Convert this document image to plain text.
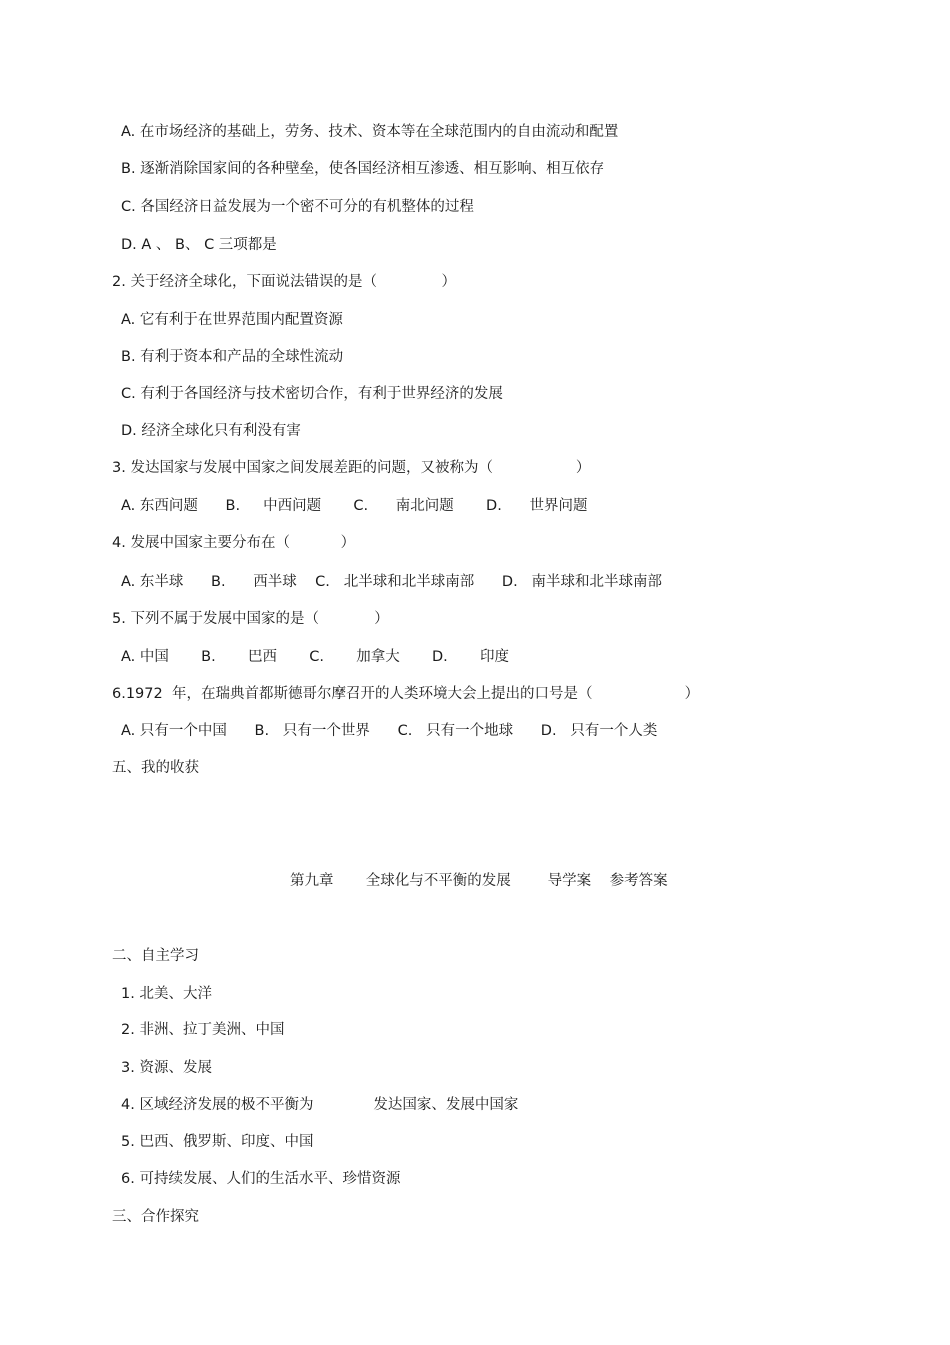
A. 在市场经济的基础上，劳务、技术、资本等在全球范围内的自由流动和配置
B. 逐渐消除国家间的各种壁垒，使各国经济相互渗透、相互影响、相互依存
C. 各国经济日益发展为一个密不可分的有机整体的过程
D. A 、 B、 C 三项都是
2. 关于经济全球化，下面说法错误的是（              ）
A. 它有利于在世界范围内配置资源
B. 有利于资本和产品的全球性流动
C. 有利于各国经济与技术密切合作，有利于世界经济的发展
D. 经济全球化只有利没有害
3. 发达国家与发展中国家之间发展差距的问题，又被称为（                  ）
A. 东西问题      B.     中西问题       C.      南北问题       D.      世界问题
4. 发展中国家主要分布在（           ）
A. 东半球      B.      西半球    C.   北半球和北半球南部      D.   南半球和北半球南部
5. 下列不属于发展中国家的是（            ）
A. 中国       B.       巴西       C.       加拿大       D.       印度
6.1972  年，在瑞典首都斯德哥尔摩召开的人类环境大会上提出的口号是（                    ）
A. 只有一个中国      B.   只有一个世界      C.   只有一个地球      D.   只有一个人类
五、我的收获
第九章       全球化与不平衡的发展        导学案    参考答案
二、自主学习
1. 北美、大洋
2. 非洲、拉丁美洲、中国
3. 资源、发展
4. 区域经济发展的极不平衡为             发达国家、发展中国家
5. 巴西、俄罗斯、印度、中国
6. 可持续发展、人们的生活水平、珍惜资源
三、合作探究
